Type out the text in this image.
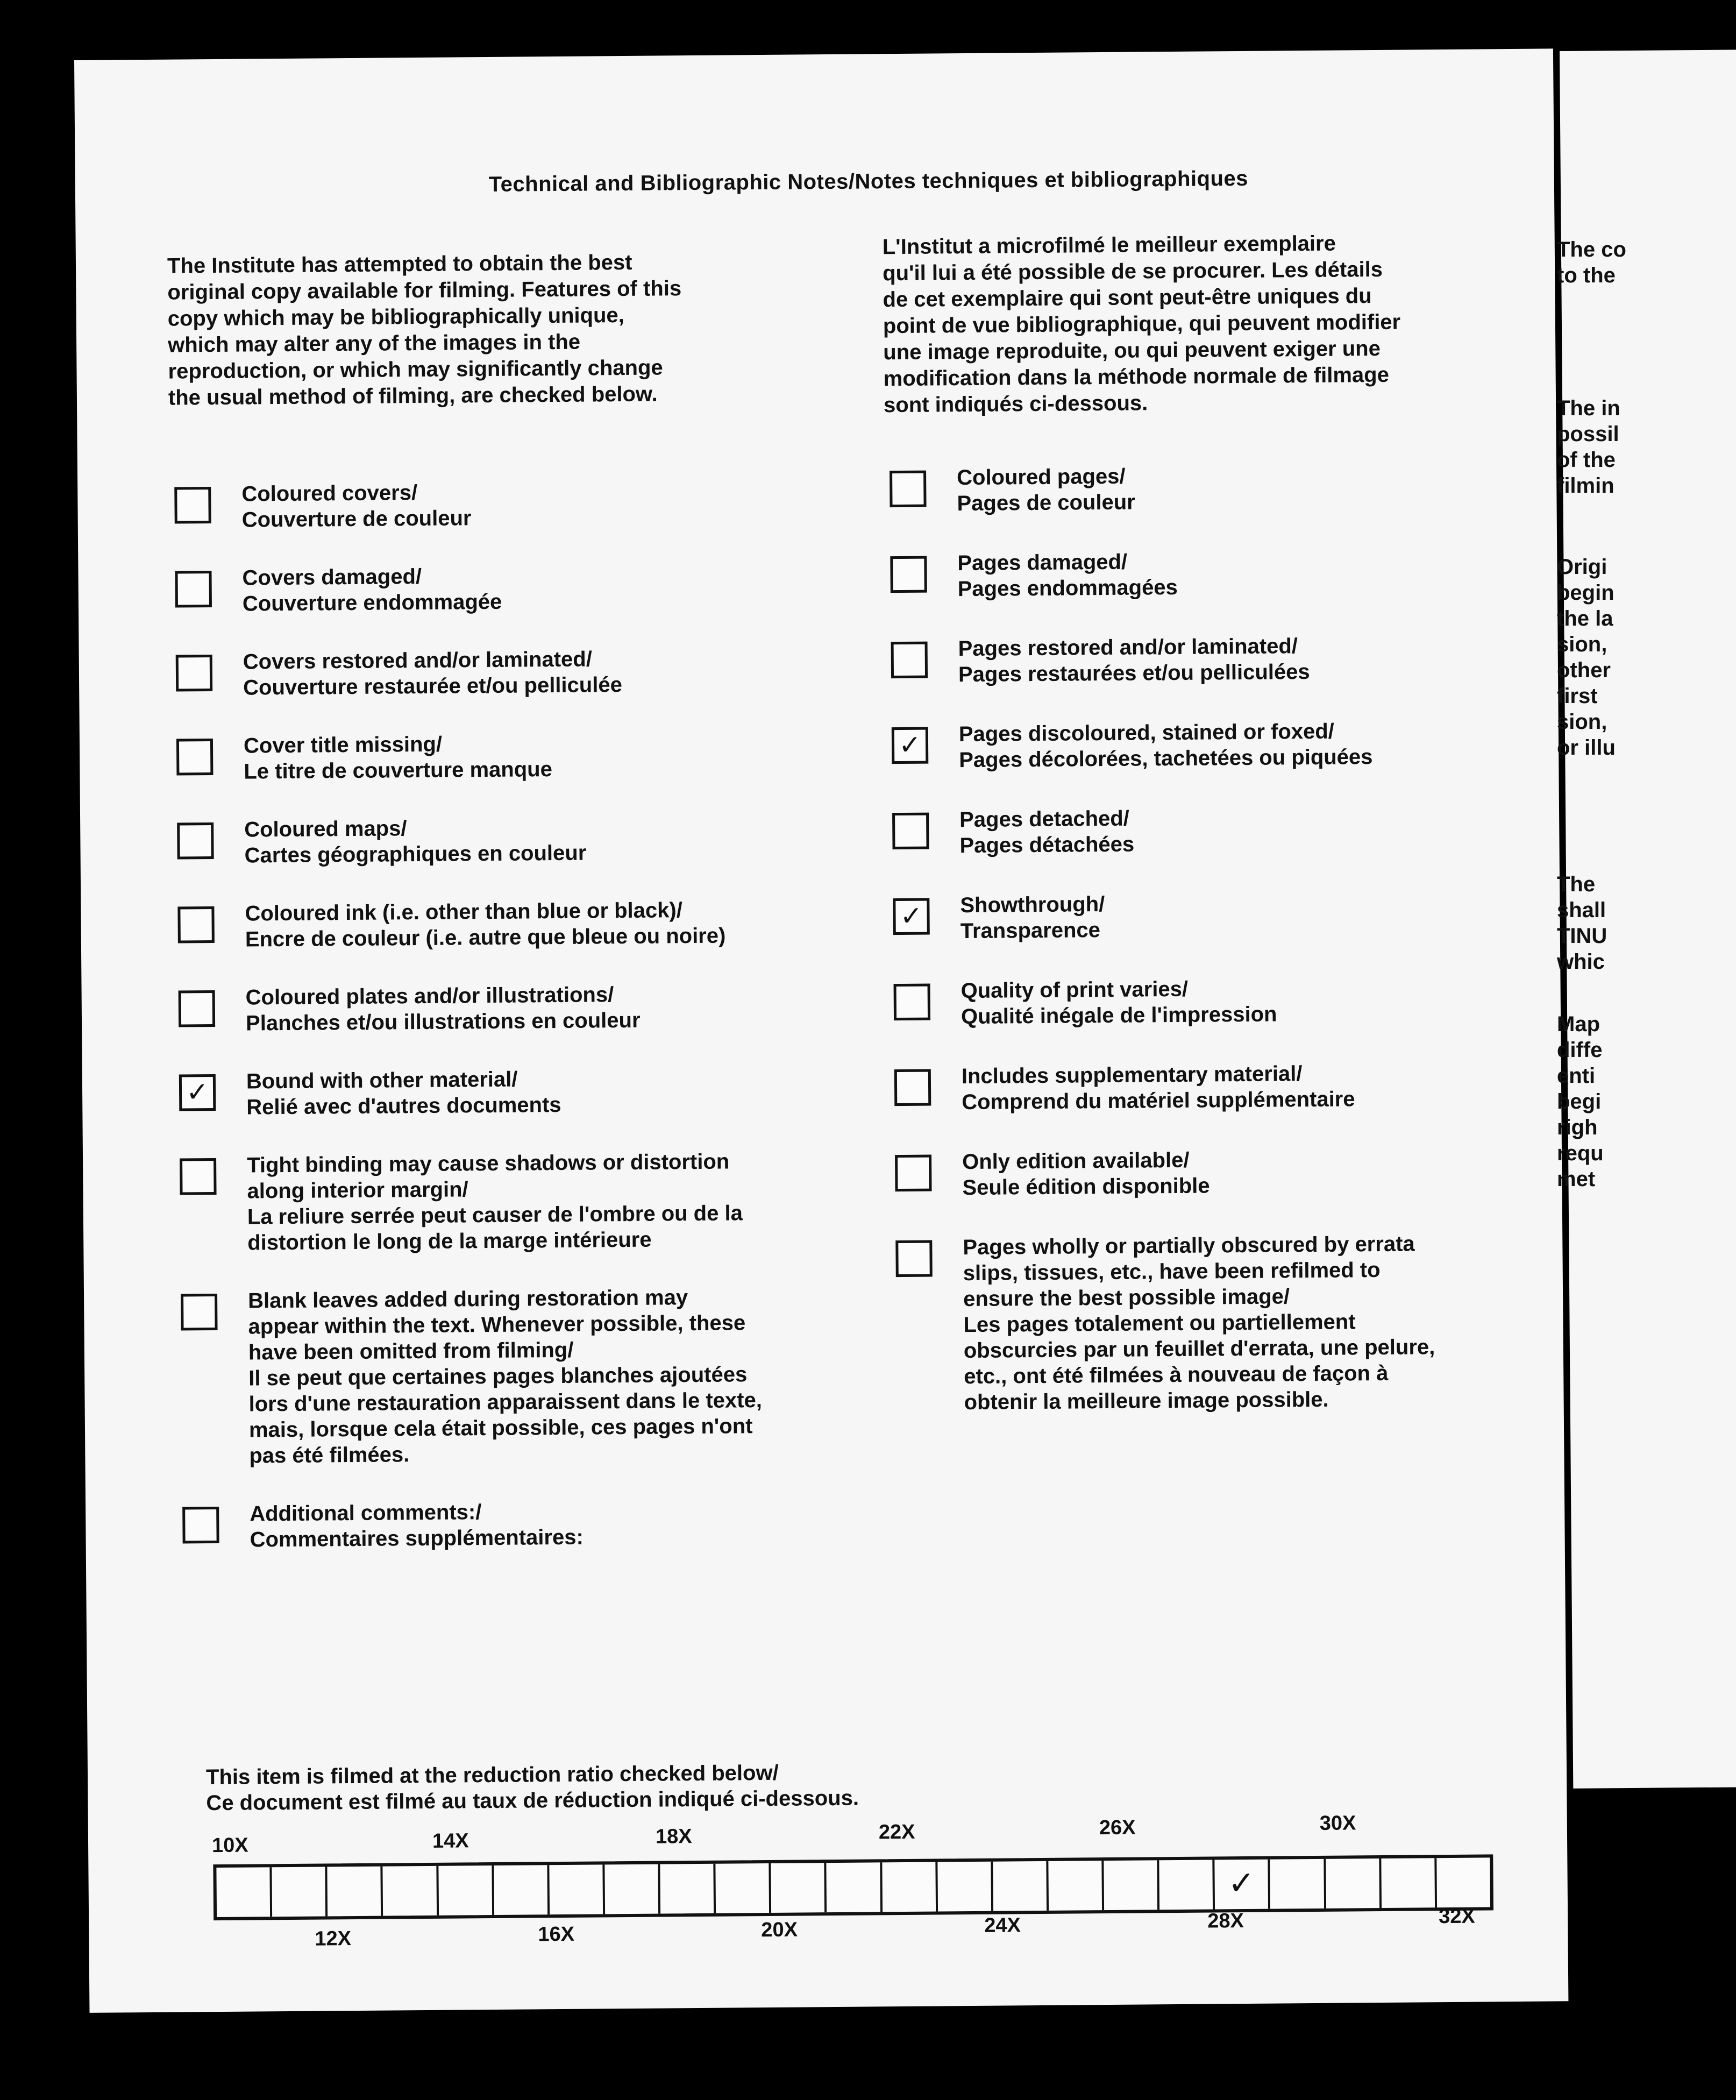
Technical and Bibliographic Notes/Notes techniques et bibliographiques
The Institute has attempted to obtain the best
original copy available for filming. Features of this
copy which may be bibliographically unique,
which may alter any of the images in the
reproduction, or which may significantly change
the usual method of filming, are checked below.
L'Institut a microfilmé le meilleur exemplaire
qu'il lui a été possible de se procurer. Les détails
de cet exemplaire qui sont peut-être uniques du
point de vue bibliographique, qui peuvent modifier
une image reproduite, ou qui peuvent exiger une
modification dans la méthode normale de filmage
sont indiqués ci-dessous.
Coloured covers/
Couverture de couleur
Covers damaged/
Couverture endommagée
Covers restored and/or laminated/
Couverture restaurée et/ou pelliculée
Cover title missing/
Le titre de couverture manque
Coloured maps/
Cartes géographiques en couleur
Coloured ink (i.e. other than blue or black)/
Encre de couleur (i.e. autre que bleue ou noire)
Coloured plates and/or illustrations/
Planches et/ou illustrations en couleur
✓	Bound with other material/
Relié avec d'autres documents
Tight binding may cause shadows or distortion
along interior margin/
La reliure serrée peut causer de l'ombre ou de la
distortion le long de la marge intérieure
Blank leaves added during restoration may
appear within the text. Whenever possible, these
have been omitted from filming/
Il se peut que certaines pages blanches ajoutées
lors d'une restauration apparaissent dans le texte,
mais, lorsque cela était possible, ces pages n'ont
pas été filmées.
Additional comments:/
Commentaires supplémentaires:
Coloured pages/
Pages de couleur
Pages damaged/
Pages endommagées
Pages restored and/or laminated/
Pages restaurées et/ou pelliculées
✓	Pages discoloured, stained or foxed/
Pages décolorées, tachetées ou piquées
Pages detached/
Pages détachées
✓	Showthrough/
Transparence
Quality of print varies/
Qualité inégale de l'impression
Includes supplementary material/
Comprend du matériel supplémentaire
Only edition available/
Seule édition disponible
Pages wholly or partially obscured by errata
slips, tissues, etc., have been refilmed to
ensure the best possible image/
Les pages totalement ou partiellement
obscurcies par un feuillet d'errata, une pelure,
etc., ont été filmées à nouveau de façon à
obtenir la meilleure image possible.
This item is filmed at the reduction ratio checked below/
Ce document est filmé au taux de réduction indiqué ci-dessous.
10X	14X	18X	22X	26X	30X
✓
12X	16X	20X	24X	28X	32X
The co
to the
The in
possil
of the
filmin
Origi
begin
the la
sion,
other
first
sion,
or illu
The
shall
TINU
whic
Map
diffe
enti
begi
righ
requ
met
